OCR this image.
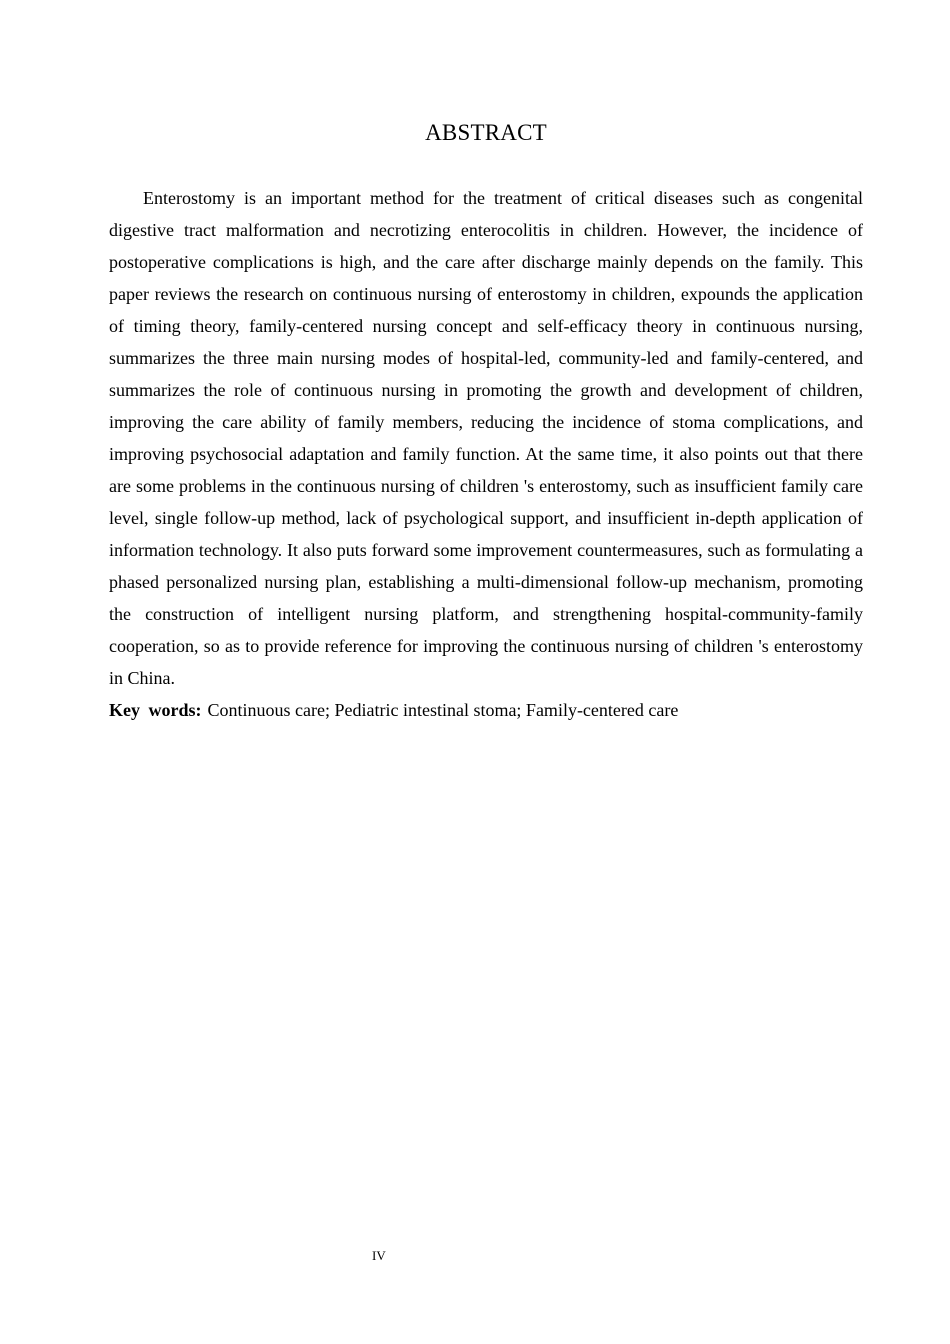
ABSTRACT

Enterostomy is an important method for the treatment of critical diseases such as congenital digestive tract malformation and necrotizing enterocolitis in children. However, the incidence of postoperative complications is high, and the care after discharge mainly depends on the family. This paper reviews the research on continuous nursing of enterostomy in children, expounds the application of timing theory, family-centered nursing concept and self-efficacy theory in continuous nursing, summarizes the three main nursing modes of hospital-led, community-led and family-centered, and summarizes the role of continuous nursing in promoting the growth and development of children, improving the care ability of family members, reducing the incidence of stoma complications, and improving psychosocial adaptation and family function. At the same time, it also points out that there are some problems in the continuous nursing of children 's enterostomy, such as insufficient family care level, single follow-up method, lack of psychological support, and insufficient in-depth application of information technology. It also puts forward some improvement countermeasures, such as formulating a phased personalized nursing plan, establishing a multi-dimensional follow-up mechanism, promoting the construction of intelligent nursing platform, and strengthening hospital-community-family cooperation, so as to provide reference for improving the continuous nursing of children 's enterostomy in China.

Key words: Continuous care; Pediatric intestinal stoma; Family-centered care

IV
